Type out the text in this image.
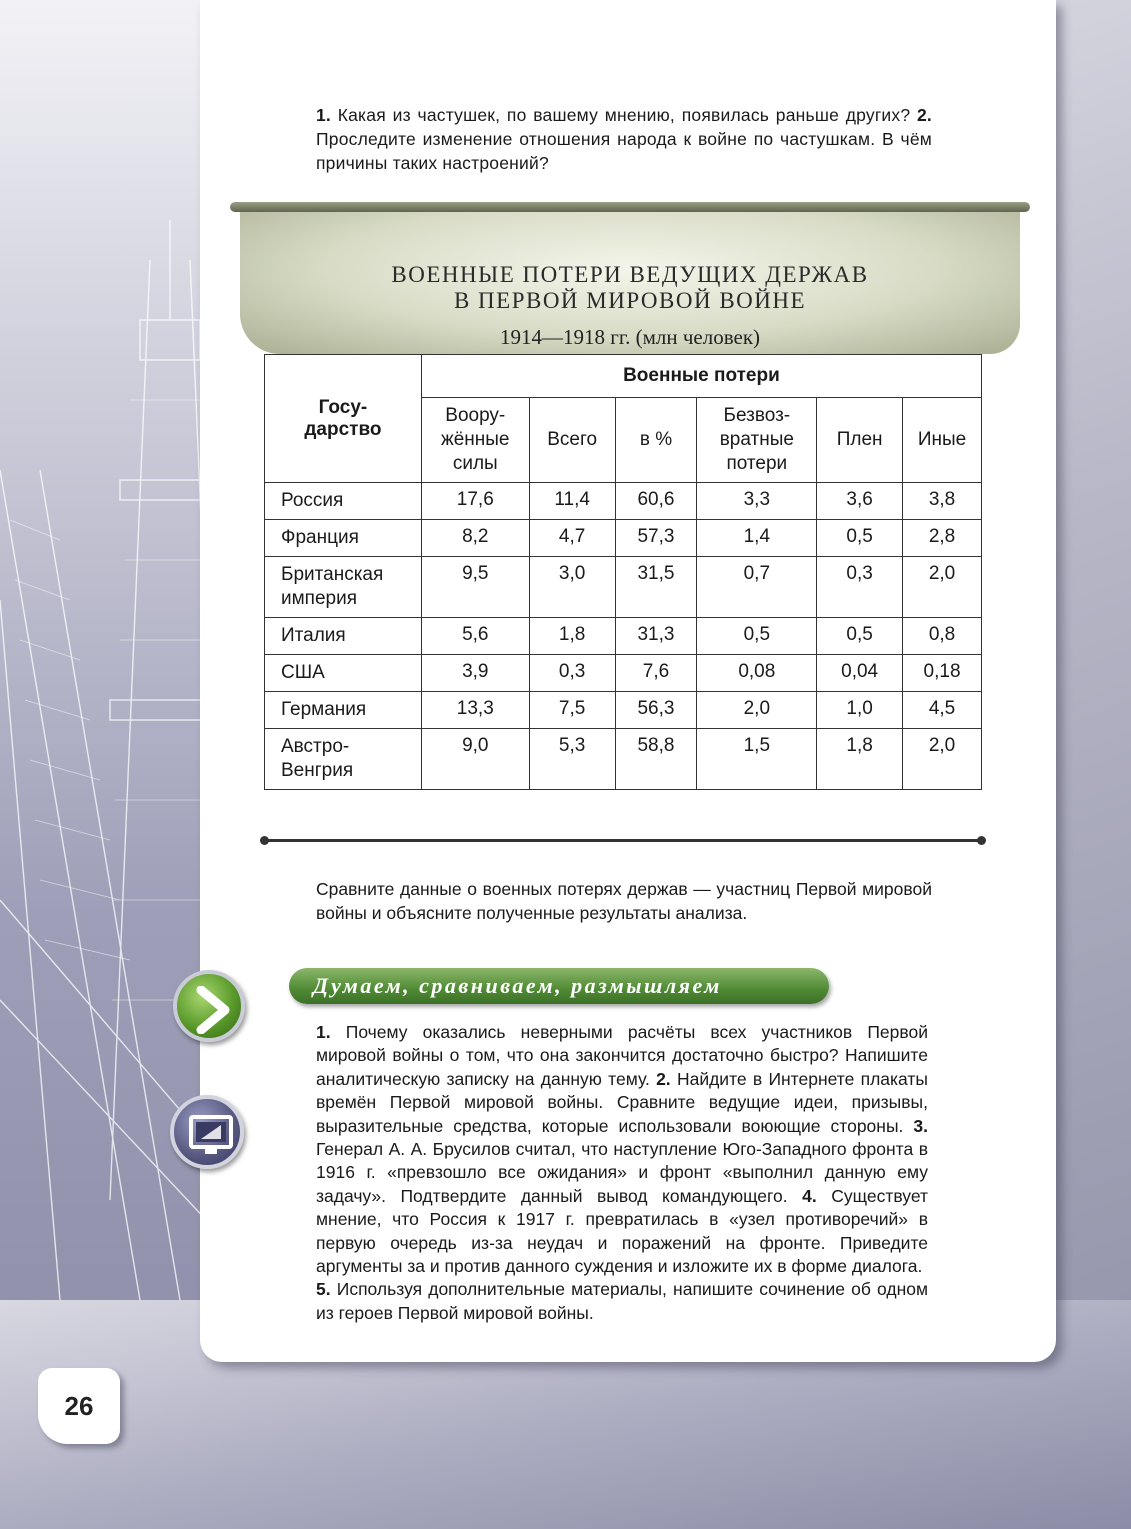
1. Какая из частушек, по вашему мнению, появилась раньше других? 2. Проследите изменение отношения народа к войне по частушкам. В чём причины таких настроений?

ВОЕННЫЕ ПОТЕРИ ВЕДУЩИХ ДЕРЖАВ
В ПЕРВОЙ МИРОВОЙ ВОЙНЕ
1914—1918 гг. (млн человек)
Госу-
дарство	Военные потери					
	Воору-
жённые
силы	Всего	в %	Безвоз-
вратные
потери	Плен	Иные
Россия	17,6	11,4	60,6	3,3	3,6	3,8
Франция	8,2	4,7	57,3	1,4	0,5	2,8
Британская
империя	9,5	3,0	31,5	0,7	0,3	2,0
Италия	5,6	1,8	31,3	0,5	0,5	0,8
США	3,9	0,3	7,6	0,08	0,04	0,18
Германия	13,3	7,5	56,3	2,0	1,0	4,5
Австро-
Венгрия	9,0	5,3	58,8	1,5	1,8	2,0

Сравните данные о военных потерях держав — участниц Первой мировой войны и объясните полученные результаты анализа.

Думаем, сравниваем, размышляем

1. Почему оказались неверными расчёты всех участников Первой мировой войны о том, что она закончится достаточно быстро? Напишите аналитическую записку на данную тему. 2. Найдите в Интернете плакаты времён Первой мировой войны. Сравните ведущие идеи, призывы, выразительные средства, которые использовали воюющие стороны. 3. Генерал А. А. Брусилов считал, что наступление Юго-Западного фронта в 1916 г. «превзошло все ожидания» и фронт «выполнил данную ему задачу». Подтвердите данный вывод командующего. 4. Существует мнение, что Россия к 1917 г. превратилась в «узел противоречий» в первую очередь из-за неудач и поражений на фронте. Приведите аргументы за и против данного суждения и изложите их в форме диалога.
5. Используя дополнительные материалы, напишите сочинение об одном из героев Первой мировой войны.

26
